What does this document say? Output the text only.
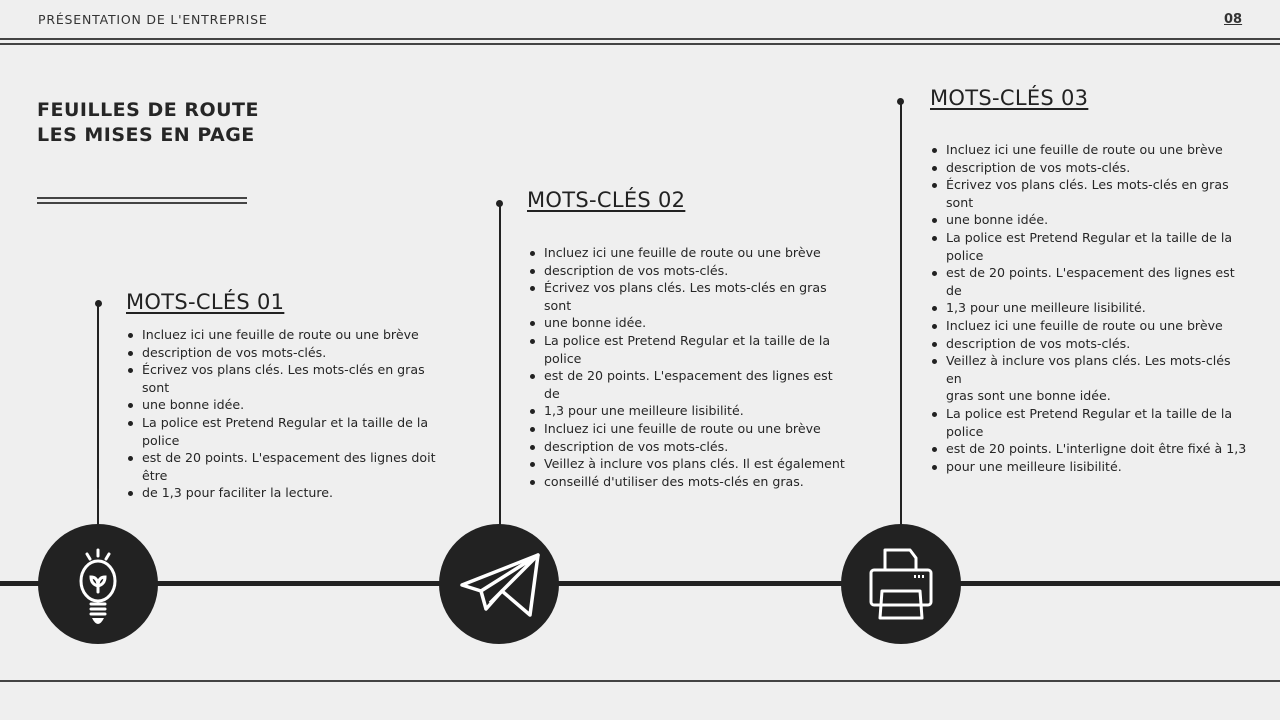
PRÉSENTATION DE L'ENTREPRISE	08
FEUILLES DE ROUTE
LES MISES EN PAGE
MOTS-CLÉS 01
Incluez ici une feuille de route ou une brève
description de vos mots-clés.
Écrivez vos plans clés. Les mots-clés en gras
sont
une bonne idée.
La police est Pretend Regular et la taille de la
police
est de 20 points. L'espacement des lignes doit
être
de 1,3 pour faciliter la lecture.
MOTS-CLÉS 02
Incluez ici une feuille de route ou une brève
description de vos mots-clés.
Écrivez vos plans clés. Les mots-clés en gras
sont
une bonne idée.
La police est Pretend Regular et la taille de la
police
est de 20 points. L'espacement des lignes est de
1,3 pour une meilleure lisibilité.
Incluez ici une feuille de route ou une brève
description de vos mots-clés.
Veillez à inclure vos plans clés. Il est également
conseillé d'utiliser des mots-clés en gras.
MOTS-CLÉS 03
Incluez ici une feuille de route ou une brève
description de vos mots-clés.
Écrivez vos plans clés. Les mots-clés en gras
sont
une bonne idée.
La police est Pretend Regular et la taille de la
police
est de 20 points. L'espacement des lignes est de
1,3 pour une meilleure lisibilité.
Incluez ici une feuille de route ou une brève
description de vos mots-clés.
Veillez à inclure vos plans clés. Les mots-clés en
gras sont une bonne idée.
La police est Pretend Regular et la taille de la
police
est de 20 points. L'interligne doit être fixé à 1,3
pour une meilleure lisibilité.
